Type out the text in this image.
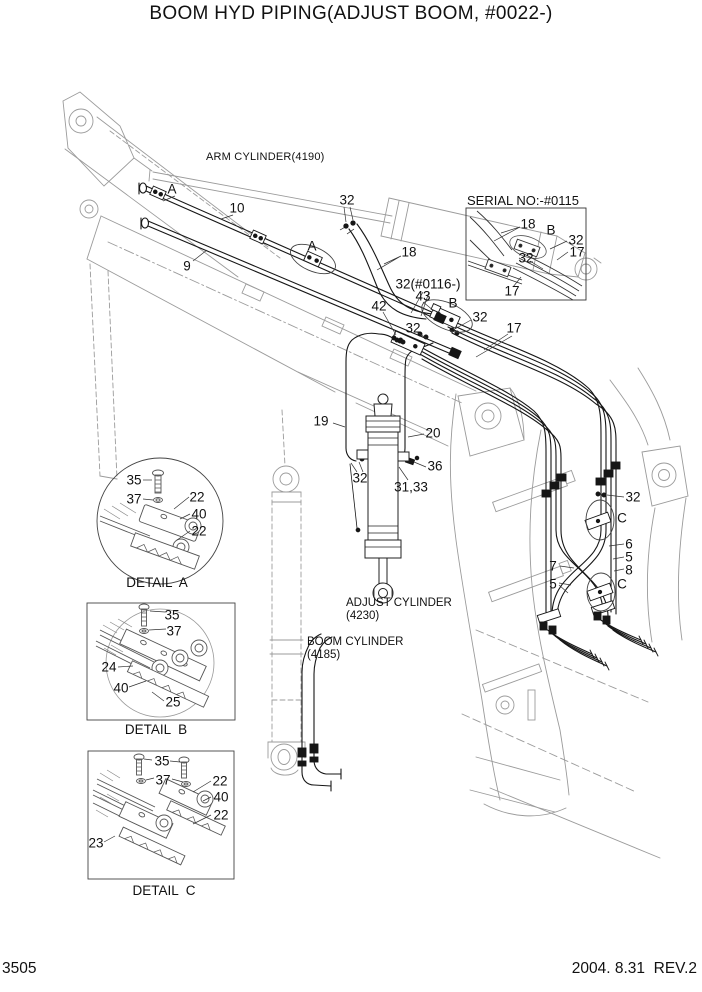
BOOM HYD PIPING(ADJUST BOOM, #0022-)
ARM CYLINDER(4190)
SERIAL NO:-#0115
ADJUST CYLINDER
(4230)
BOOM CYLINDER
(4185)
DETAIL  A
DETAIL  B
DETAIL  C
3505	2004. 8.31  REV.2
A
10
32
9
A	18
32(#0116-)
43
42	B
32
32
17
19
20
36
32
31,33
32
C
6
5
7	8
5	C
18 B
32
17
32
17
35
37	22
40
22
35
37
24
40
25
35
37	22
40
22
23
